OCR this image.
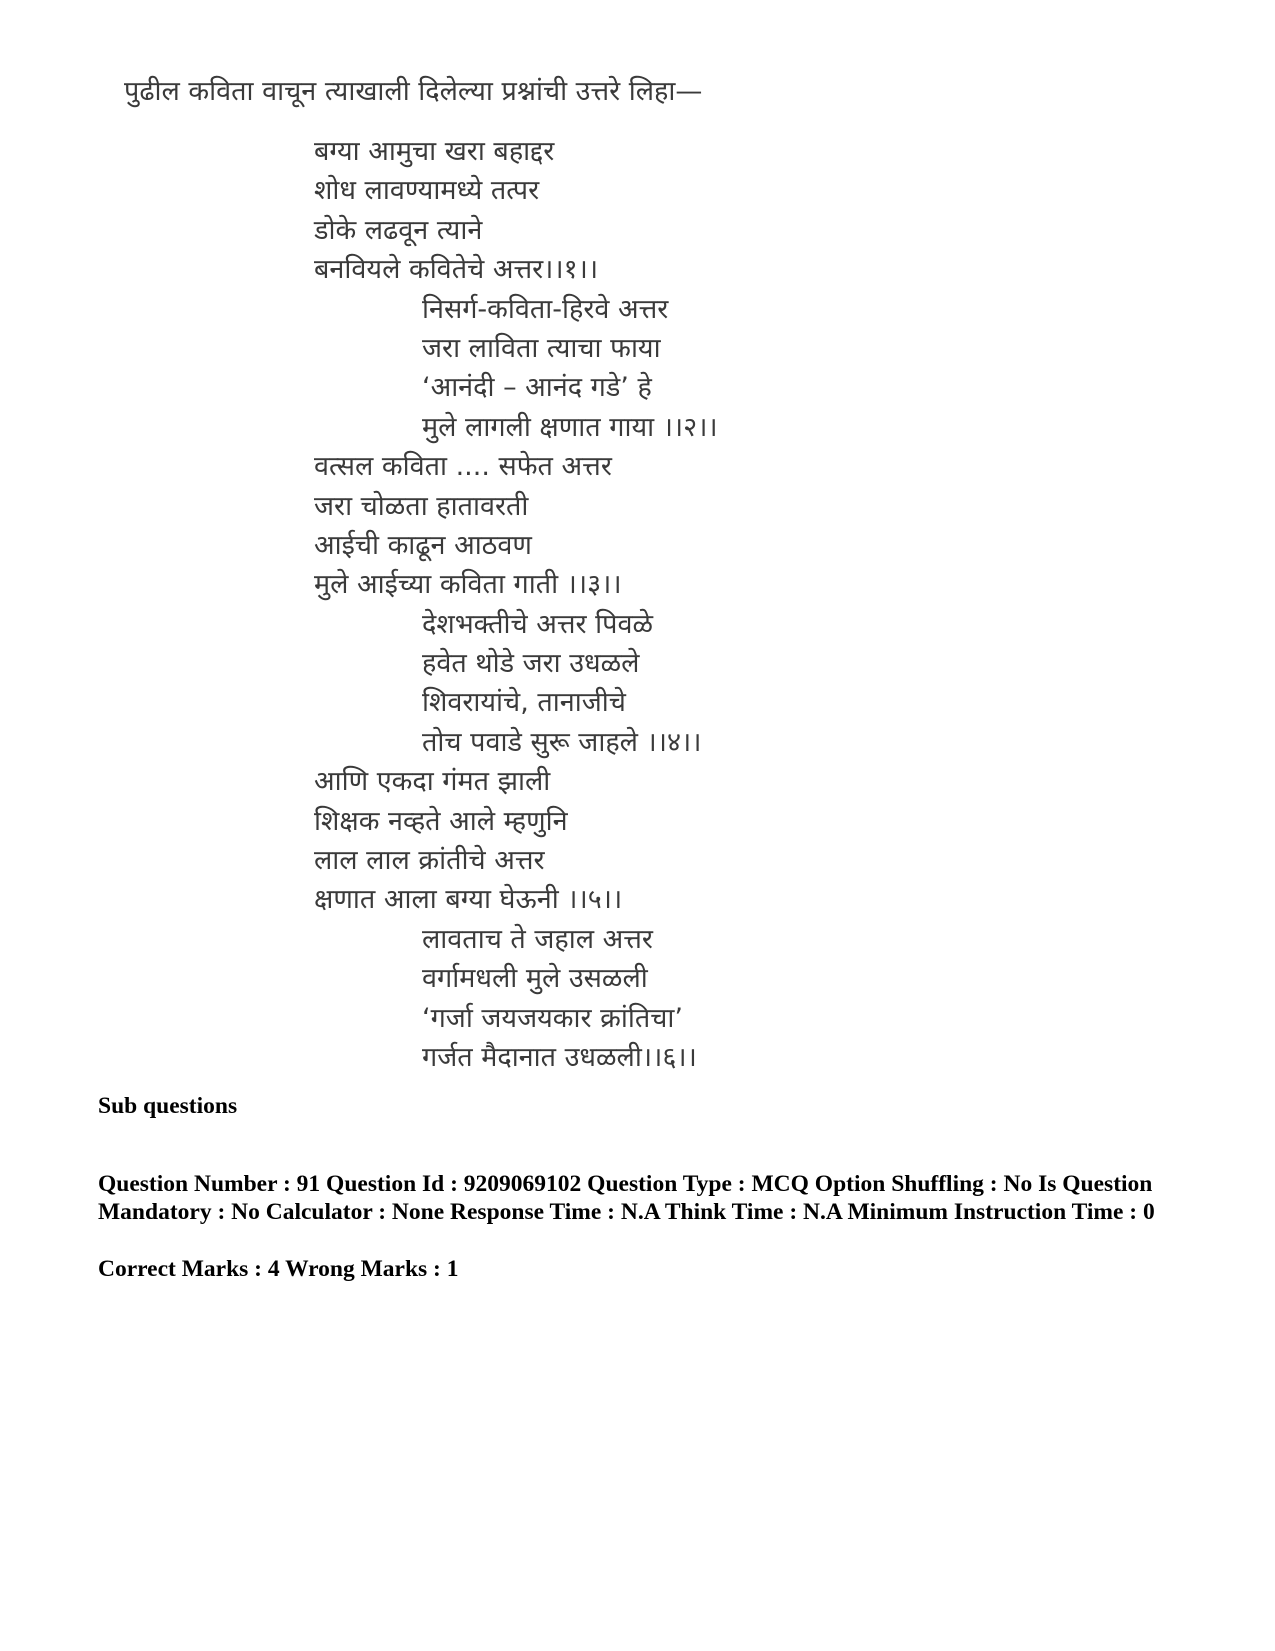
पुढील कविता वाचून त्याखाली दिलेल्या प्रश्नांची उत्तरे लिहा—
बग्या आमुचा खरा बहाद्दर
शोध लावण्यामध्ये तत्पर
डोके लढवून त्याने
बनवियले कवितेचे अत्तर।।१।।
निसर्ग-कविता-हिरवे अत्तर
जरा लाविता त्याचा फाया
‘आनंदी – आनंद गडे’ हे
मुले लागली क्षणात गाया ।।२।।
वत्सल कविता .... सफेत अत्तर
जरा चोळता हातावरती
आईची काढून आठवण
मुले आईच्या कविता गाती ।।३।।
देशभक्तीचे अत्तर पिवळे
हवेत थोडे जरा उधळले
शिवरायांचे, तानाजीचे
तोच पवाडे सुरू जाहले ।।४।।
आणि एकदा गंमत झाली
शिक्षक नव्हते आले म्हणुनि
लाल लाल क्रांतीचे अत्तर
क्षणात आला बग्या घेऊनी ।।५।।
लावताच ते जहाल अत्तर
वर्गामधली मुले उसळली
‘गर्जा जयजयकार क्रांतिचा’
गर्जत मैदानात उधळली।।६।।
Sub questions
Question Number : 91 Question Id : 9209069102 Question Type : MCQ Option Shuffling : No Is Question Mandatory : No Calculator : None Response Time : N.A Think Time : N.A Minimum Instruction Time : 0
Correct Marks : 4 Wrong Marks : 1
